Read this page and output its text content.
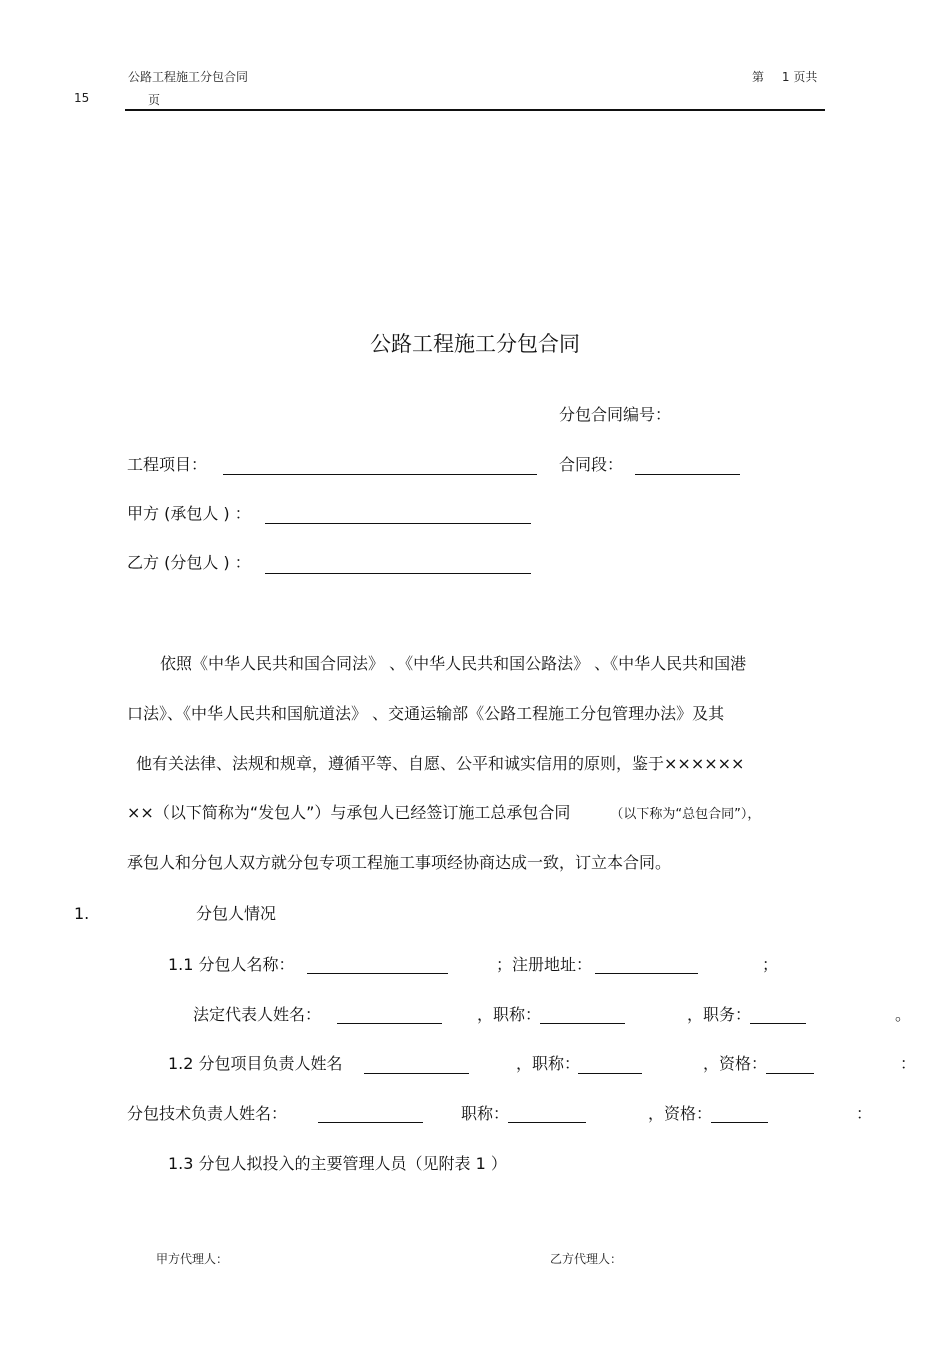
公路工程施工分包合同	第 1 页共
15	页
公路工程施工分包合同
分包合同编号：
工程项目：	合同段：
甲方 (承包人 ) ：
乙方 (分包人 ) ：
依照《中华人民共和国合同法》 、《中华人民共和国公路法》 、《中华人民共和国港
口法》、《中华人民共和国航道法》 、交通运输部《公路工程施工分包管理办法》及其
他有关法律、法规和规章，遵循平等、自愿、公平和诚实信用的原则，鉴于××××××
××（以下简称为“发包人”）与承包人已经签订施工总承包合同	（以下称为“总包合同”），
承包人和分包人双方就分包专项工程施工事项经协商达成一致，订立本合同。
1.	分包人情况
1.1 分包人名称：	；注册地址：	；
法定代表人姓名：	，职称：	，职务：	。
1.2 分包项目负责人姓名	，职称：	，资格：	：
分包技术负责人姓名：	职称：	，资格：	：
1.3 分包人拟投入的主要管理人员（见附表 1 ）
甲方代理人：	乙方代理人：
